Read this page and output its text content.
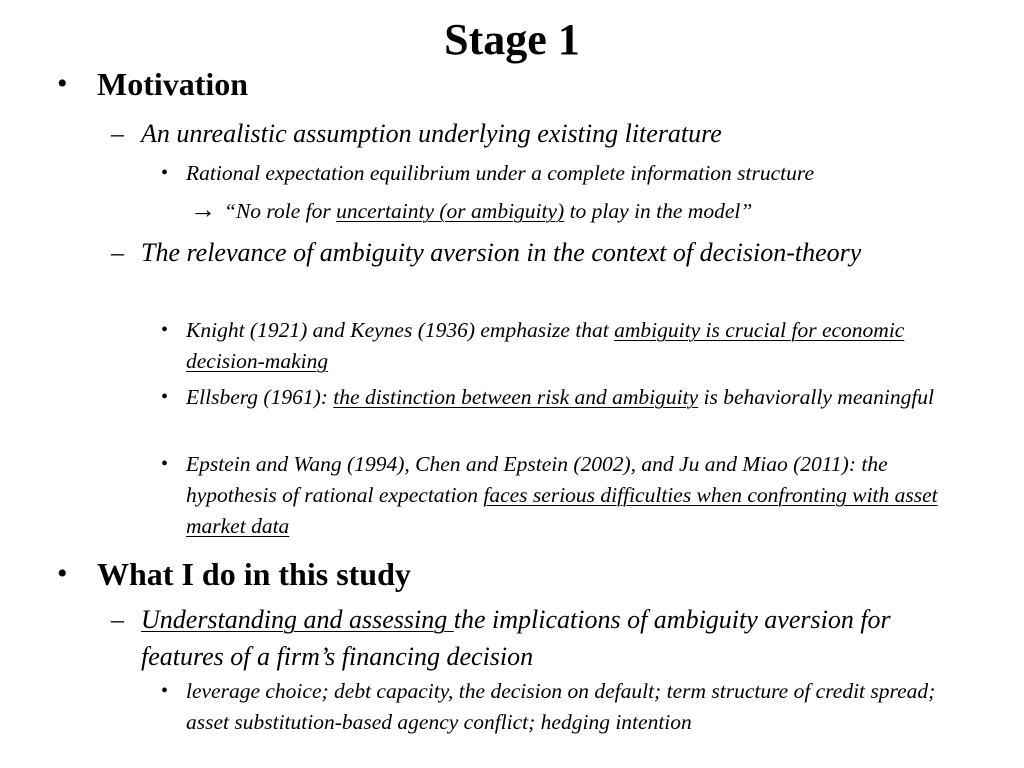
Stage 1
• Motivation
– An unrealistic assumption underlying existing literature
• Rational expectation equilibrium under a complete information structure
→ “No role for uncertainty (or ambiguity) to play in the model”
– The relevance of ambiguity aversion in the context of decision-theory
• Knight (1921) and Keynes (1936) emphasize that ambiguity is crucial for economic decision-making
• Ellsberg (1961): the distinction between risk and ambiguity is behaviorally meaningful
• Epstein and Wang (1994), Chen and Epstein (2002), and Ju and Miao (2011): the hypothesis of rational expectation faces serious difficulties when confronting with asset market data
• What I do in this study
– Understanding and assessing the implications of ambiguity aversion for features of a firm’s financing decision
• leverage choice; debt capacity, the decision on default; term structure of credit spread; asset substitution-based agency conflict; hedging intention
